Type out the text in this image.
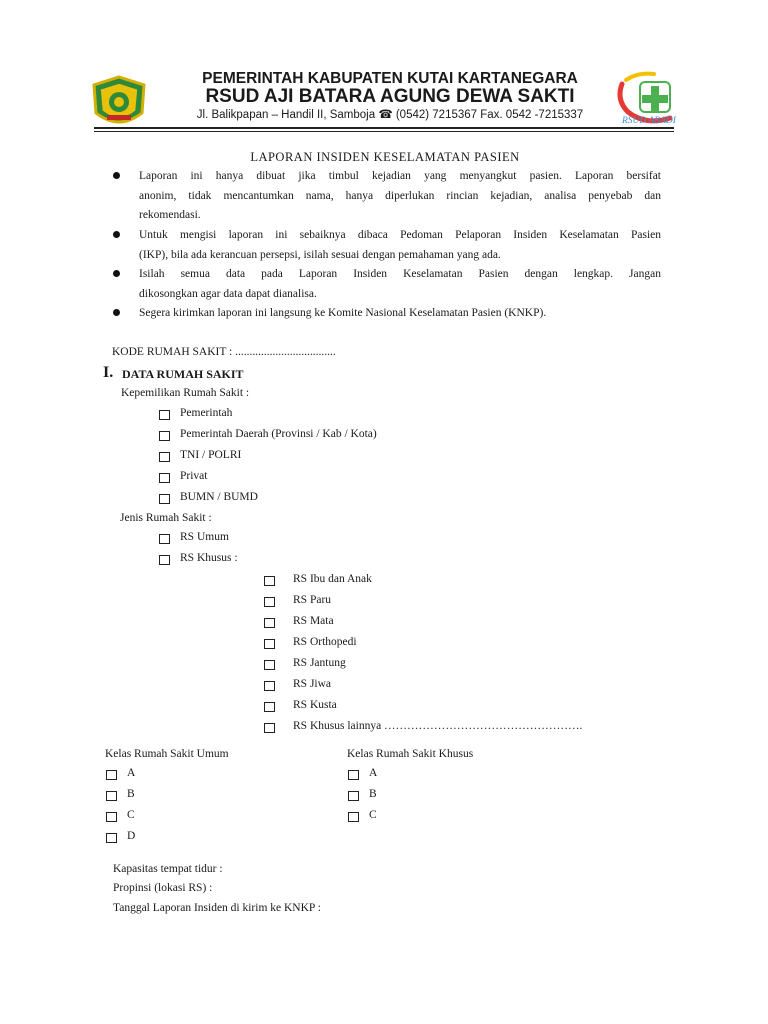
RSUD ABADI
PEMERINTAH KABUPATEN KUTAI KARTANEGARA
RSUD AJI BATARA AGUNG DEWA SAKTI
Jl. Balikpapan – Handil II, Samboja ☎ (0542) 7215367 Fax. 0542 -7215337
LAPORAN INSIDEN KESELAMATAN PASIEN
Laporan ini hanya dibuat jika timbul kejadian yang menyangkut pasien. Laporan bersifat
anonim, tidak mencantumkan nama, hanya diperlukan rincian kejadian, analisa penyebab dan
rekomendasi.
Untuk mengisi laporan ini sebaiknya dibaca Pedoman Pelaporan Insiden Keselamatan Pasien
(IKP), bila ada kerancuan persepsi, isilah sesuai dengan pemahaman yang ada.
Isilah semua data pada Laporan Insiden Keselamatan Pasien dengan lengkap. Jangan
dikosongkan agar data dapat dianalisa.
Segera kirimkan laporan ini langsung ke Komite Nasional Keselamatan Pasien (KNKP).
KODE RUMAH SAKIT : ...................................
I. DATA RUMAH SAKIT
Kepemilikan Rumah Sakit :
Pemerintah
Pemerintah Daerah (Provinsi / Kab / Kota)
TNI / POLRI
Privat
BUMN / BUMD
Jenis Rumah Sakit :
RS Umum
RS Khusus :
RS Ibu dan Anak
RS Paru
RS Mata
RS Orthopedi
RS Jantung
RS Jiwa
RS Kusta
RS Khusus lainnya …………………………………………….
Kelas Rumah Sakit Umum	Kelas Rumah Sakit Khusus
A
B
C
D
A
B
C
Kapasitas tempat tidur :
Propinsi (lokasi RS) :
Tanggal Laporan Insiden di kirim ke KNKP :
